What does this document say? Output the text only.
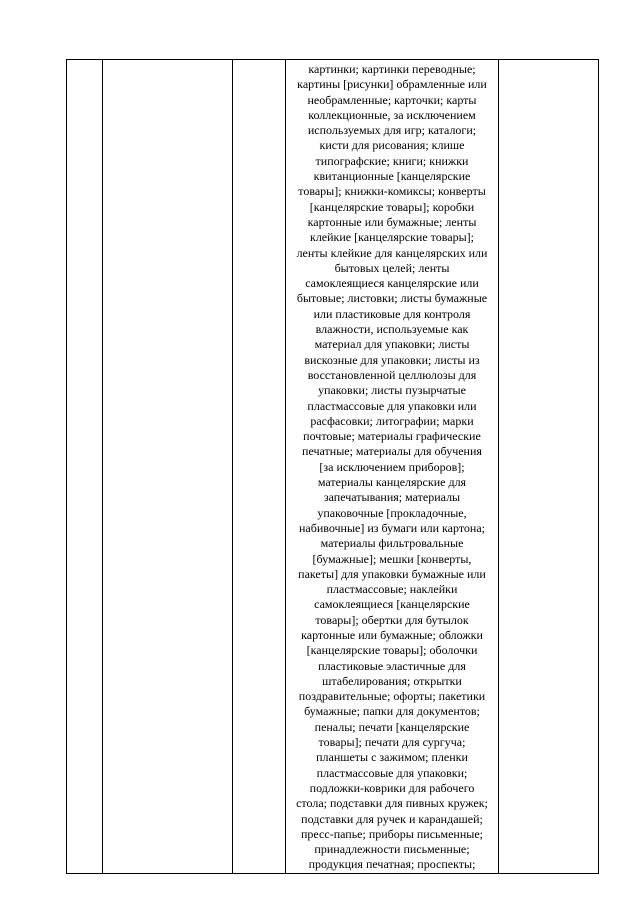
картинки; картинки переводные;
картины [рисунки] обрамленные или
необрамленные; карточки; карты
коллекционные, за исключением
используемых для игр; каталоги;
кисти для рисования; клише
типографские; книги; книжки
квитанционные [канцелярские
товары]; книжки-комиксы; конверты
[канцелярские товары]; коробки
картонные или бумажные; ленты
клейкие [канцелярские товары];
ленты клейкие для канцелярских или
бытовых целей; ленты
самоклеящиеся канцелярские или
бытовые; листовки; листы бумажные
или пластиковые для контроля
влажности, используемые как
материал для упаковки; листы
вискозные для упаковки; листы из
восстановленной целлюлозы для
упаковки; листы пузырчатые
пластмассовые для упаковки или
расфасовки; литографии; марки
почтовые; материалы графические
печатные; материалы для обучения
[за исключением приборов];
материалы канцелярские для
запечатывания; материалы
упаковочные [прокладочные,
набивочные] из бумаги или картона;
материалы фильтровальные
[бумажные]; мешки [конверты,
пакеты] для упаковки бумажные или
пластмассовые; наклейки
самоклеящиеся [канцелярские
товары]; обертки для бутылок
картонные или бумажные; обложки
[канцелярские товары]; оболочки
пластиковые эластичные для
штабелирования; открытки
поздравительные; офорты; пакетики
бумажные; папки для документов;
пеналы; печати [канцелярские
товары]; печати для сургуча;
планшеты с зажимом; пленки
пластмассовые для упаковки;
подложки-коврики для рабочего
стола; подставки для пивных кружек;
подставки для ручек и карандашей;
пресс-папье; приборы письменные;
принадлежности письменные;
продукция печатная; проспекты;
